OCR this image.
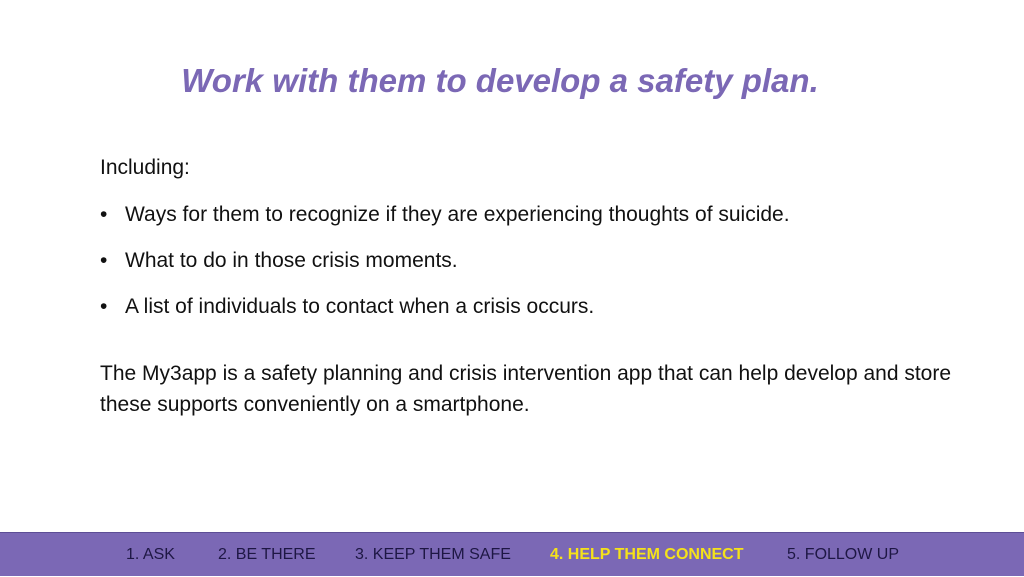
Work with them to develop a safety plan.

Including:

• Ways for them to recognize if they are experiencing thoughts of suicide.
• What to do in those crisis moments.
• A list of individuals to contact when a crisis occurs.

The My3app is a safety planning and crisis intervention app that can help develop and store these supports conveniently on a smartphone.

1. ASK	2. BE THERE 3. KEEP THEM SAFE 4. HELP THEM CONNECT	5. FOLLOW UP
